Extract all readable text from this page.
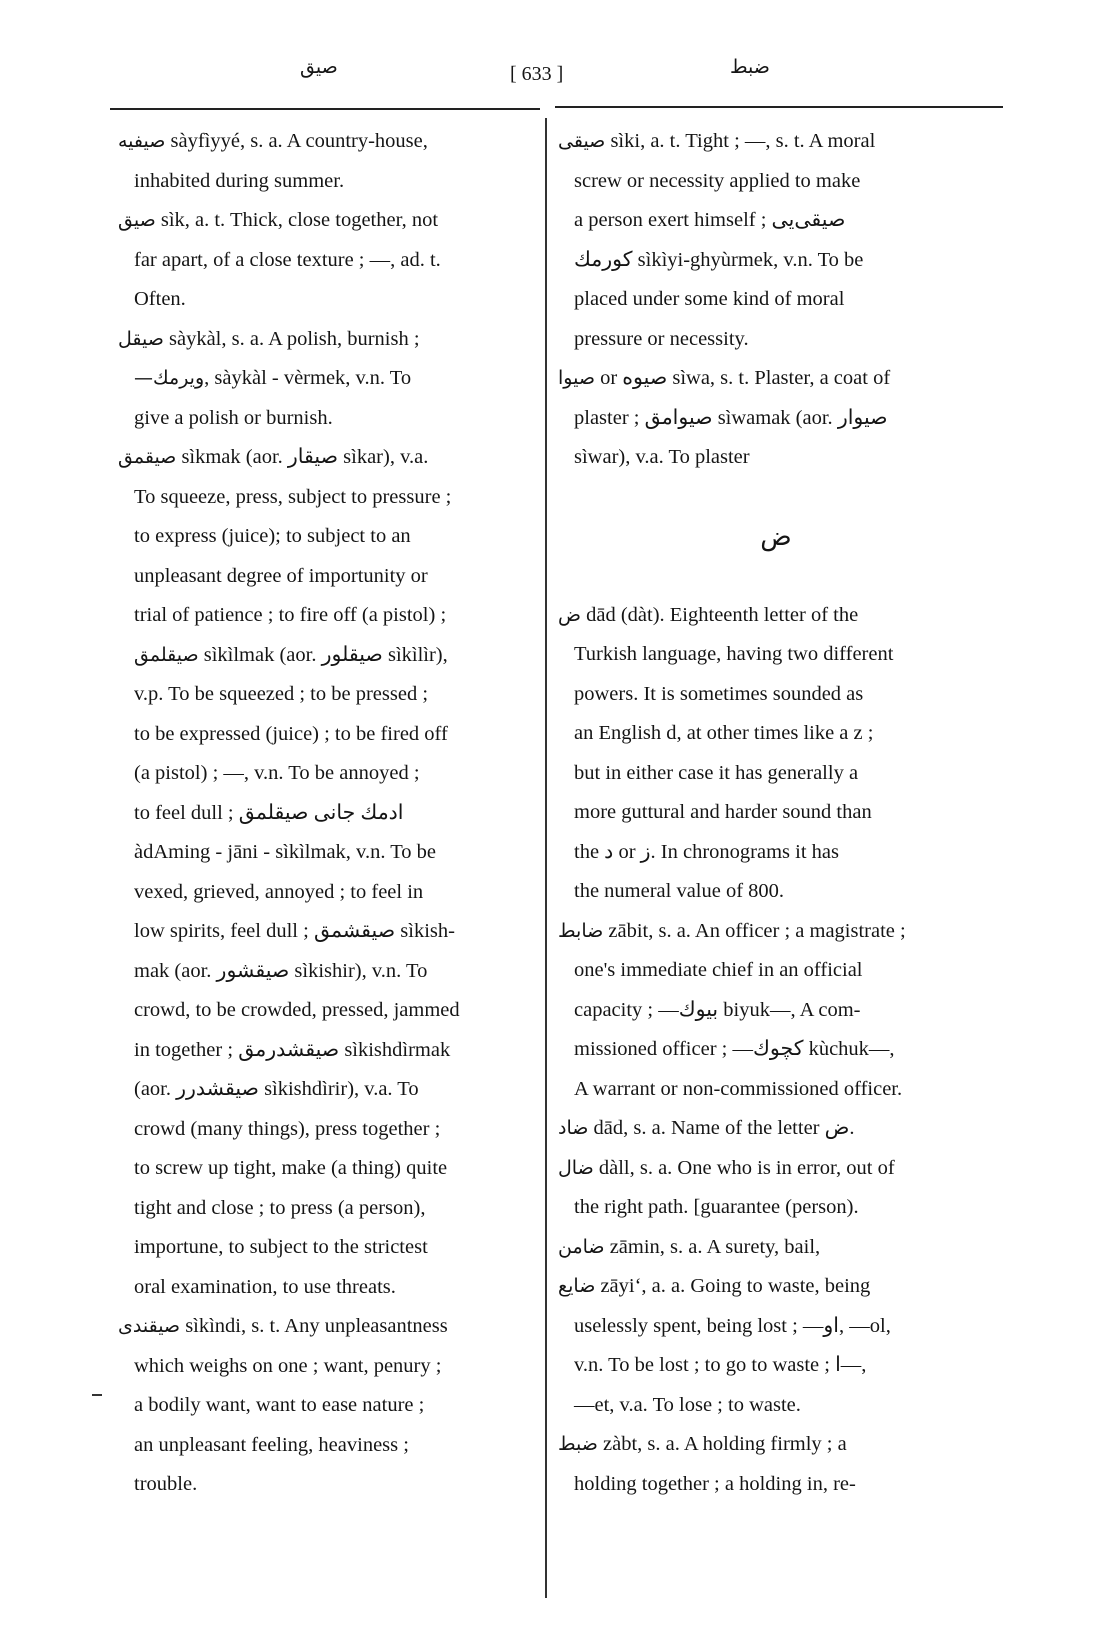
صيق	[ 633 ]	ضبط
صيفيه sàyfìyyé, s. a. A country-house,
inhabited during summer.
صيق sìk, a. t. Thick, close together, not
far apart, of a close texture ; —, ad. t.
Often.
صيقل sàykàl, s. a. A polish, burnish ;
ويرمك—, sàykàl - vèrmek, v.n. To
give a polish or burnish.
صيقمق sìkmak (aor. صيقار sìkar), v.a.
To squeeze, press, subject to pressure ;
to express (juice); to subject to an
unpleasant degree of importunity or
trial of patience ; to fire off (a pistol) ;
صيقلمق sìkìlmak (aor. صيقلور sìkìlìr),
v.p. To be squeezed ; to be pressed ;
to be expressed (juice) ; to be fired off
(a pistol) ; —, v.n. To be annoyed ;
to feel dull ; ادمك جانى صيقلمق
àdAming - jāni - sìkìlmak, v.n. To be
vexed, grieved, annoyed ; to feel in
low spirits, feel dull ; صيقشمق sìkish-
mak (aor. صيقشور sìkishir), v.n. To
crowd, to be crowded, pressed, jammed
in together ; صيقشدرمق sìkishdìrmak
(aor. صيقشدرر sìkishdìrir), v.a. To
crowd (many things), press together ;
to screw up tight, make (a thing) quite
tight and close ; to press (a person),
importune, to subject to the strictest
oral examination, to use threats.
صيقندى sìkìndi, s. t. Any unpleasantness
which weighs on one ; want, penury ;
a bodily want, want to ease nature ;
an unpleasant feeling, heaviness ;
trouble.
صيقى sìki, a. t. Tight ; —, s. t. A moral
screw or necessity applied to make
a person exert himself ; صيقى‌يى
كورمك sìkìyi-ghyùrmek, v.n. To be
placed under some kind of moral
pressure or necessity.
صيوا or صيوه sìwa, s. t. Plaster, a coat of
plaster ; صيوامق sìwamak (aor. صيوار
sìwar), v.a. To plaster
ض
ض dād (dàt). Eighteenth letter of the
Turkish language, having two different
powers. It is sometimes sounded as
an English d, at other times like a z ;
but in either case it has generally a
more guttural and harder sound than
the د or ز. In chronograms it has
the numeral value of 800.
ضابط zābit, s. a. An officer ; a magistrate ;
one's immediate chief in an official
capacity ; —بيوك biyuk—, A com-
missioned officer ; —كچوك kùchuk—,
A warrant or non-commissioned officer.
ضاد dād, s. a. Name of the letter ض.
ضال dàll, s. a. One who is in error, out of
the right path. [guarantee (person).
ضامن zāmin, s. a. A surety, bail,
ضايع zāyi‘, a. a. Going to waste, being
uselessly spent, being lost ; —او, —ol,
v.n. To be lost ; to go to waste ; ا—,
—et, v.a. To lose ; to waste.
ضبط zàbt, s. a. A holding firmly ; a
holding together ; a holding in, re-
